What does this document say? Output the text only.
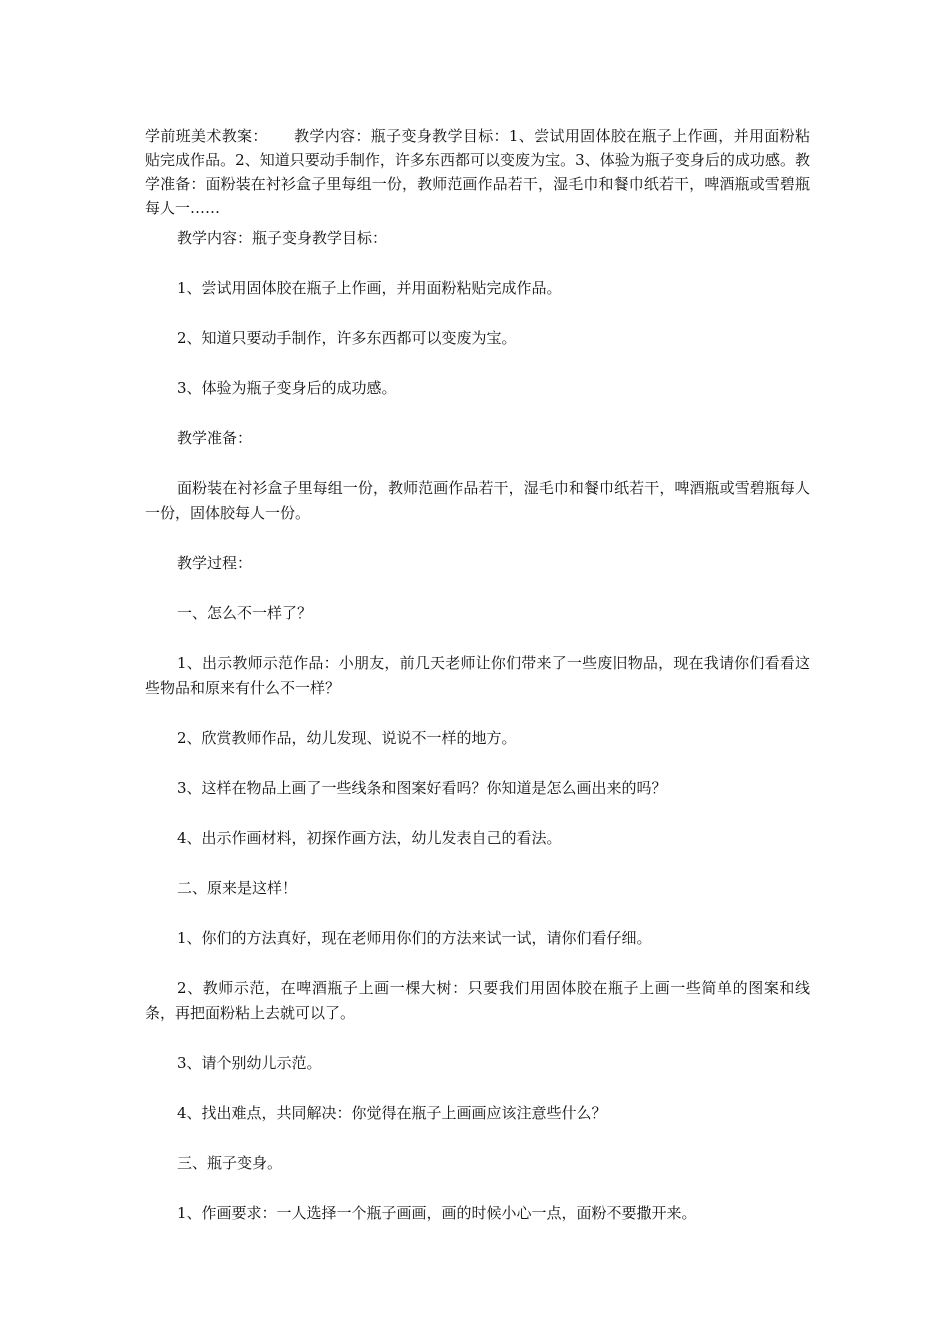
学前班美术教案： 教学内容：瓶子变身教学目标：1、尝试用固体胶在瓶子上作画，并用面粉粘贴完成作品。2、知道只要动手制作，许多东西都可以变废为宝。3、体验为瓶子变身后的成功感。教学准备：面粉装在衬衫盒子里每组一份，教师范画作品若干，湿毛巾和餐巾纸若干，啤酒瓶或雪碧瓶每人一……

教学内容：瓶子变身教学目标：

1、尝试用固体胶在瓶子上作画，并用面粉粘贴完成作品。

2、知道只要动手制作，许多东西都可以变废为宝。

3、体验为瓶子变身后的成功感。

教学准备：

面粉装在衬衫盒子里每组一份，教师范画作品若干，湿毛巾和餐巾纸若干，啤酒瓶或雪碧瓶每人一份，固体胶每人一份。

教学过程：

一、怎么不一样了？

1、出示教师示范作品：小朋友，前几天老师让你们带来了一些废旧物品，现在我请你们看看这些物品和原来有什么不一样？

2、欣赏教师作品，幼儿发现、说说不一样的地方。

3、这样在物品上画了一些线条和图案好看吗？你知道是怎么画出来的吗？

4、出示作画材料，初探作画方法，幼儿发表自己的看法。

二、原来是这样！

1、你们的方法真好，现在老师用你们的方法来试一试，请你们看仔细。

2、教师示范，在啤酒瓶子上画一棵大树：只要我们用固体胶在瓶子上画一些简单的图案和线条，再把面粉粘上去就可以了。

3、请个别幼儿示范。

4、找出难点，共同解决：你觉得在瓶子上画画应该注意些什么？

三、瓶子变身。

1、作画要求：一人选择一个瓶子画画，画的时候小心一点，面粉不要撒开来。
